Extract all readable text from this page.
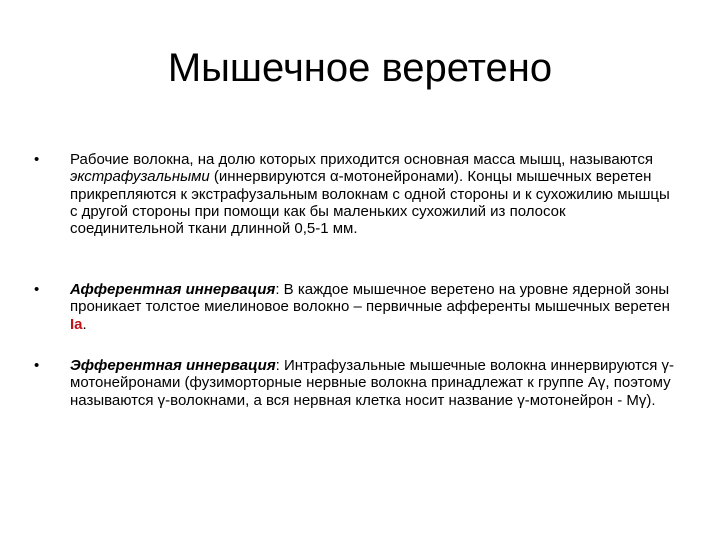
Мышечное веретено
• Рабочие волокна, на долю которых приходится основная масса мышц, называются экстрафузальными (иннервируются α-мотонейронами). Концы мышечных веретен прикрепляются к экстрафузальным волокнам с одной стороны и к сухожилию мышцы с другой стороны при помощи как бы маленьких сухожилий из полосок соединительной ткани длинной 0,5-1 мм.
• Афферентная иннервация: В каждое мышечное веретено на уровне ядерной зоны проникает толстое миелиновое волокно – первичные афференты мышечных веретен Ia.
• Эфферентная иннервация: Интрафузальные мышечные волокна иннервируются γ-мотонейронами (фузиморторные нервные волокна принадлежат к группе Аγ, поэтому называются γ-волокнами, а вся нервная клетка носит название γ-мотонейрон - Мγ).
